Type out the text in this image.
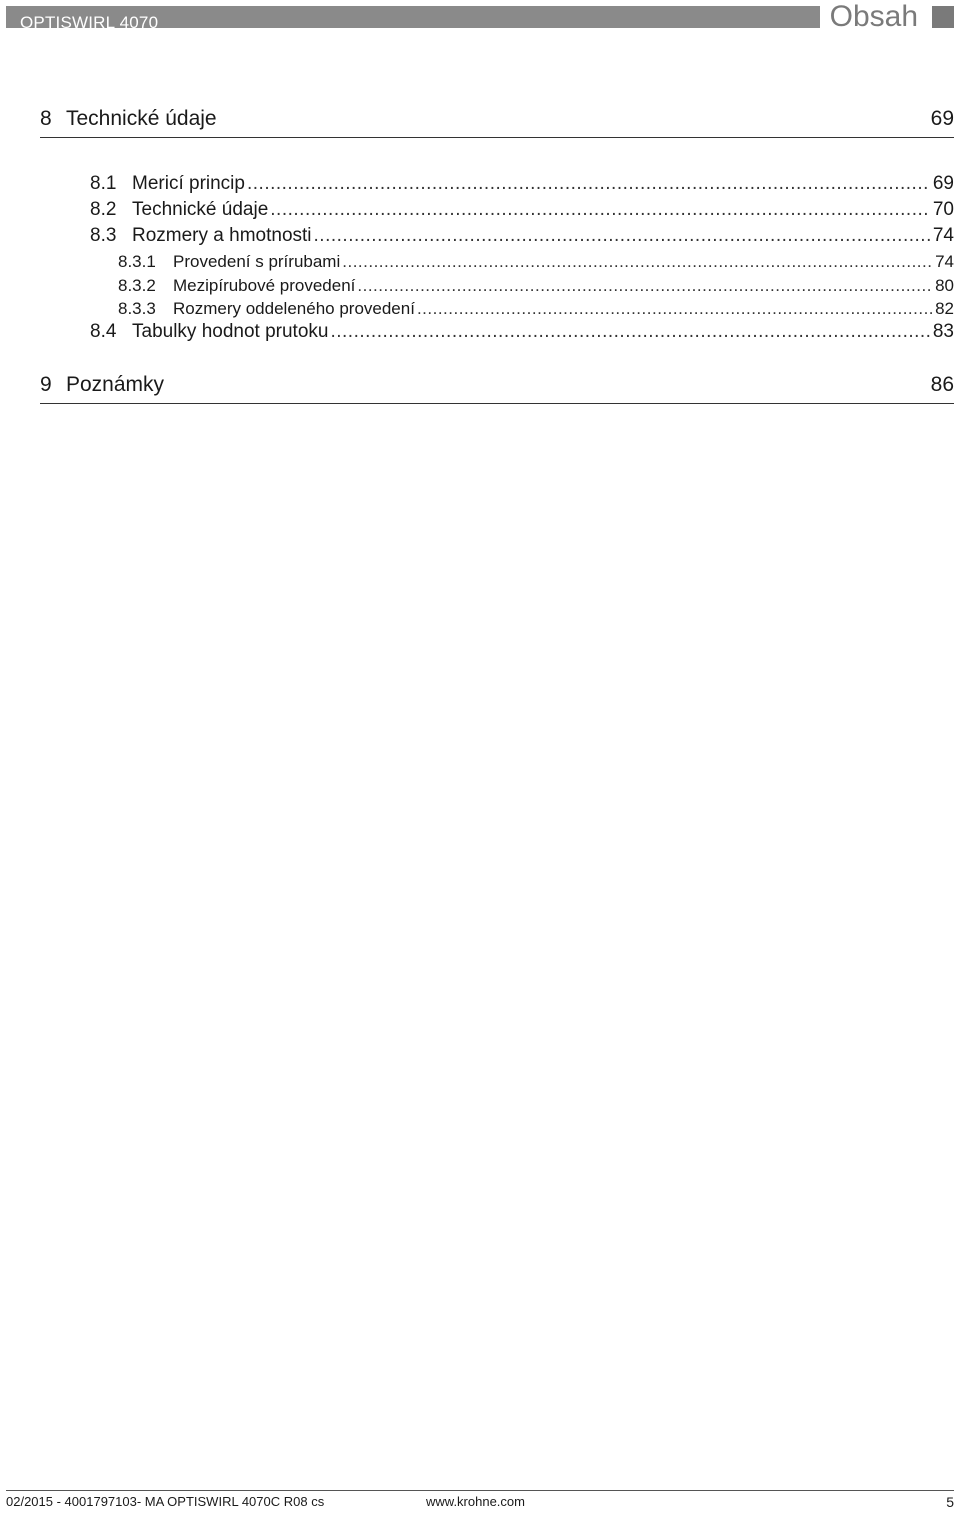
OPTISWIRL 4070	Obsah
8 Technické údaje	69
8.1 Mericí princip .....	69
8.2 Technické údaje .....	70
8.3 Rozmery a hmotnosti .....	74
8.3.1	Provedení s prírubami .....	74
8.3.2	Mezipírubové provedení .....	80
8.3.3	Rozmery oddeleného provedení .....	82
8.4 Tabulky hodnot prutoku .....	83
9 Poznámky	86
02/2015 - 4001797103- MA OPTISWIRL 4070C R08 cs	www.krohne.com	5
